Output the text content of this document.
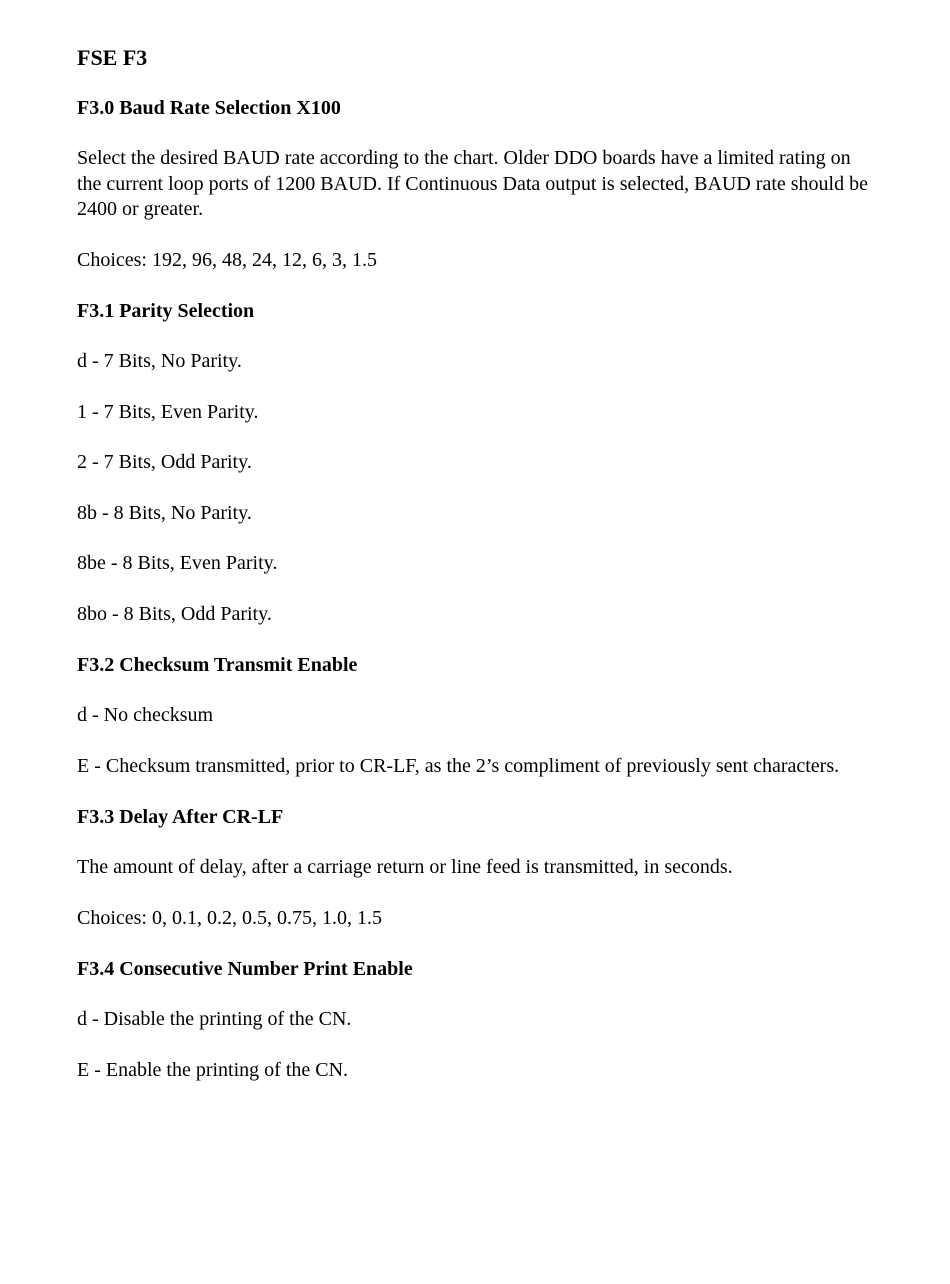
FSE F3
F3.0 Baud Rate Selection X100
Select the desired BAUD rate according to the chart. Older DDO boards have a limited rating on the current loop ports of 1200 BAUD. If Continuous Data output is selected, BAUD rate should be 2400 or greater.
Choices: 192, 96, 48, 24, 12, 6, 3, 1.5
F3.1 Parity Selection
d - 7 Bits, No Parity.
1 - 7 Bits, Even Parity.
2 - 7 Bits, Odd Parity.
8b - 8 Bits, No Parity.
8be - 8 Bits, Even Parity.
8bo - 8 Bits, Odd Parity.
F3.2 Checksum Transmit Enable
d - No checksum
E - Checksum transmitted, prior to CR-LF, as the 2’s compliment of previously sent characters.
F3.3 Delay After CR-LF
The amount of delay, after a carriage return or line feed is transmitted, in seconds.
Choices: 0, 0.1, 0.2, 0.5, 0.75, 1.0, 1.5
F3.4 Consecutive Number Print Enable
d - Disable the printing of the CN.
E - Enable the printing of the CN.
